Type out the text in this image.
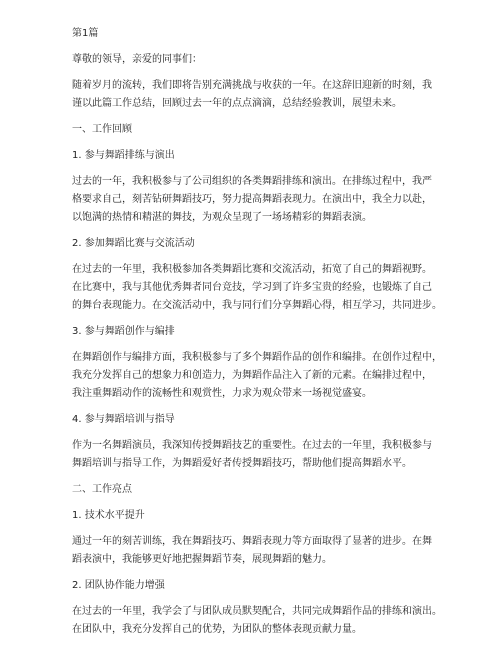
第1篇

尊敬的领导，亲爱的同事们：

随着岁月的流转，我们即将告别充满挑战与收获的一年。在这辞旧迎新的时刻，我

谨以此篇工作总结，回顾过去一年的点点滴滴，总结经验教训，展望未来。

一、工作回顾

1. 参与舞蹈排练与演出

过去的一年，我积极参与了公司组织的各类舞蹈排练和演出。在排练过程中，我严

格要求自己，刻苦钻研舞蹈技巧，努力提高舞蹈表现力。在演出中，我全力以赴，

以饱满的热情和精湛的舞技，为观众呈现了一场场精彩的舞蹈表演。

2. 参加舞蹈比赛与交流活动

在过去的一年里，我积极参加各类舞蹈比赛和交流活动，拓宽了自己的舞蹈视野。

在比赛中，我与其他优秀舞者同台竞技，学习到了许多宝贵的经验，也锻炼了自己

的舞台表现能力。在交流活动中，我与同行们分享舞蹈心得，相互学习，共同进步。

3. 参与舞蹈创作与编排

在舞蹈创作与编排方面，我积极参与了多个舞蹈作品的创作和编排。在创作过程中，

我充分发挥自己的想象力和创造力，为舞蹈作品注入了新的元素。在编排过程中，

我注重舞蹈动作的流畅性和观赏性，力求为观众带来一场视觉盛宴。

4. 参与舞蹈培训与指导

作为一名舞蹈演员，我深知传授舞蹈技艺的重要性。在过去的一年里，我积极参与

舞蹈培训与指导工作，为舞蹈爱好者传授舞蹈技巧，帮助他们提高舞蹈水平。

二、工作亮点

1. 技术水平提升

通过一年的刻苦训练，我在舞蹈技巧、舞蹈表现力等方面取得了显著的进步。在舞

蹈表演中，我能够更好地把握舞蹈节奏，展现舞蹈的魅力。

2. 团队协作能力增强

在过去的一年里，我学会了与团队成员默契配合，共同完成舞蹈作品的排练和演出。

在团队中，我充分发挥自己的优势，为团队的整体表现贡献力量。
